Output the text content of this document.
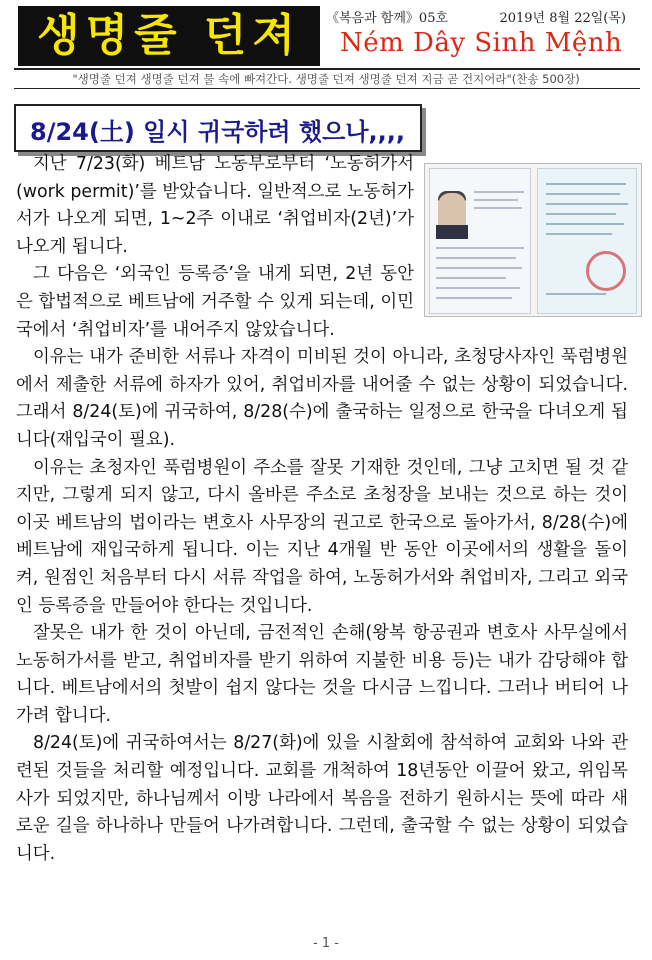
생명줄 던져	《복음과 함께》05호	2019년 8월 22일(목)
Ném Dây Sinh Mệnh
"생명줄 던져 생명줄 던져 물 속에 빠져간다. 생명줄 던져 생명줄 던져 지금 곧 건지어라"(찬송 500장)
8/24(土) 일시 귀국하려 했으나,,,,

지난 7/23(화) 베트남 노동부로부터 ‘노동허가서(work permit)’를 받았습니다. 일반적으로 노동허가서가 나오게 되면, 1~2주 이내로 ‘취업비자(2년)’가 나오게 됩니다.

그 다음은 ‘외국인 등록증’을 내게 되면, 2년 동안은 합법적으로 베트남에 거주할 수 있게 되는데, 이민국에서 ‘취업비자’를 내어주지 않았습니다.

이유는 내가 준비한 서류나 자격이 미비된 것이 아니라, 초청당사자인 푹럼병원에서 제출한 서류에 하자가 있어, 취업비자를 내어줄 수 없는 상황이 되었습니다. 그래서 8/24(토)에 귀국하여, 8/28(수)에 출국하는 일정으로 한국을 다녀오게 됩니다(재입국이 필요).

이유는 초청자인 푹럼병원이 주소를 잘못 기재한 것인데, 그냥 고치면 될 것 같지만, 그렇게 되지 않고, 다시 올바른 주소로 초청장을 보내는 것으로 하는 것이 이곳 베트남의 법이라는 변호사 사무장의 권고로 한국으로 돌아가서, 8/28(수)에 베트남에 재입국하게 됩니다. 이는 지난 4개월 반 동안 이곳에서의 생활을 돌이켜, 원점인 처음부터 다시 서류 작업을 하여, 노동허가서와 취업비자, 그리고 외국인 등록증을 만들어야 한다는 것입니다.

잘못은 내가 한 것이 아닌데, 금전적인 손해(왕복 항공권과 변호사 사무실에서 노동허가서를 받고, 취업비자를 받기 위하여 지불한 비용 등)는 내가 감당해야 합니다. 베트남에서의 첫발이 쉽지 않다는 것을 다시금 느낍니다. 그러나 버티어 나가려 합니다.

8/24(토)에 귀국하여서는 8/27(화)에 있을 시찰회에 참석하여 교회와 나와 관련된 것들을 처리할 예정입니다. 교회를 개척하여 18년동안 이끌어 왔고, 위임목사가 되었지만, 하나님께서 이방 나라에서 복음을 전하기 원하시는 뜻에 따라 새로운 길을 하나하나 만들어 나가려합니다. 그런데, 출국할 수 없는 상황이 되었습니다.

- 1 -
